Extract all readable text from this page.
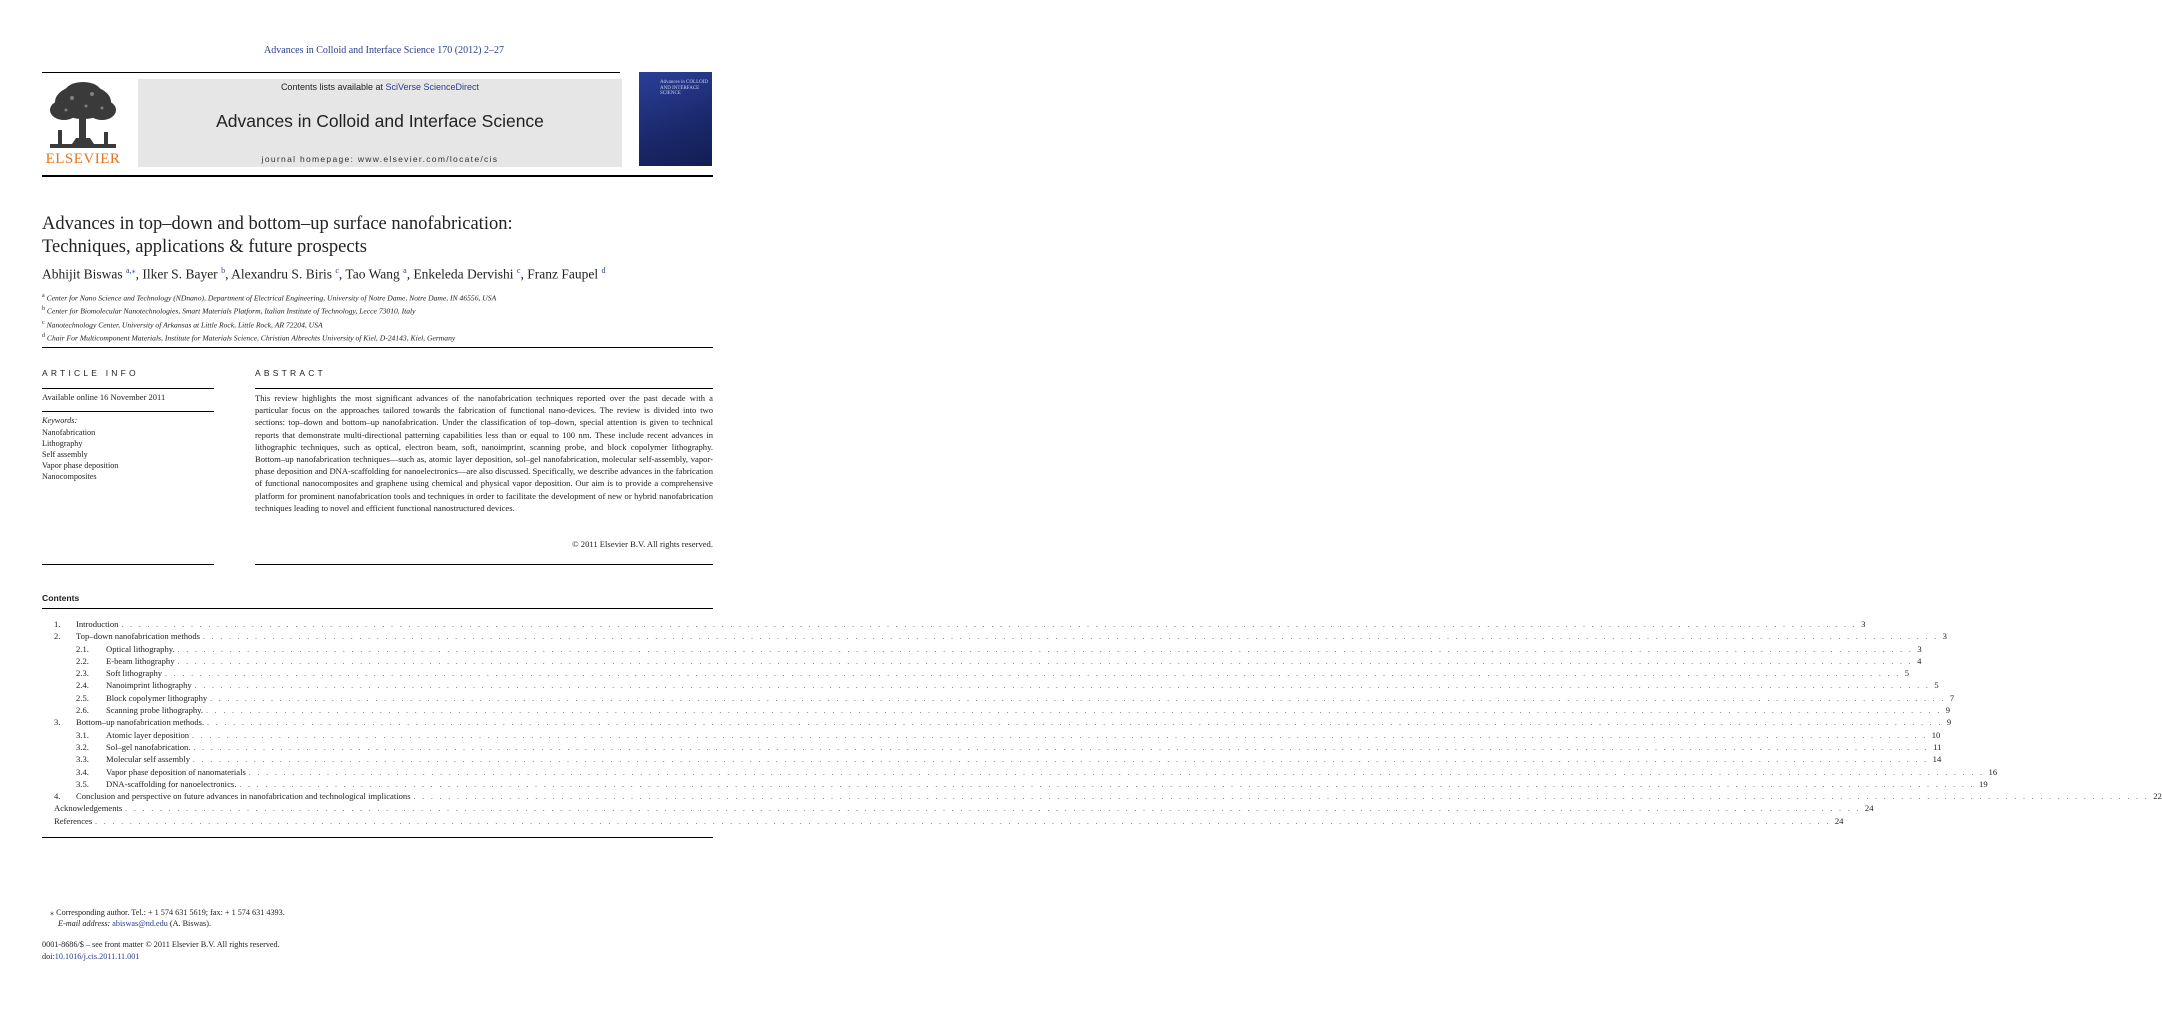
Advances in Colloid and Interface Science 170 (2012) 2–27
ELSEVIER
Contents lists available at SciVerse ScienceDirect
Advances in Colloid and Interface Science
journal homepage: www.elsevier.com/locate/cis
Advances in COLLOID AND INTERFACE SCIENCE
Advances in top–down and bottom–up surface nanofabrication:
Techniques, applications & future prospects
Abhijit Biswas $^{a,⁎}$, Ilker S. Bayer $^b$, Alexandru S. Biris $^c$, Tao Wang $^a$, Enkeleda Dervishi $^c$, Franz Faupel $^d$
$^a$ Center for Nano Science and Technology (NDnano), Department of Electrical Engineering, University of Notre Dame, Notre Dame, IN 46556, USA
$^b$ Center for Biomolecular Nanotechnologies, Smart Materials Platform, Italian Institute of Technology, Lecce 73010, Italy
$^c$ Nanotechnology Center, University of Arkansas at Little Rock, Little Rock, AR 72204, USA
$^d$ Chair For Multicomponent Materials, Institute for Materials Science, Christian Albrechts University of Kiel, D-24143, Kiel, Germany
ARTICLE INFO
Available online 16 November 2011
Keywords:
Nanofabrication
Lithography
Self assembly
Vapor phase deposition
Nanocomposites
ABSTRACT
This review highlights the most significant advances of the nanofabrication techniques reported over the past decade with a particular focus on the approaches tailored towards the fabrication of functional nano-devices. The review is divided into two sections: top–down and bottom–up nanofabrication. Under the classification of top–down, special attention is given to technical reports that demonstrate multi-directional patterning capabilities less than or equal to 100 nm. These include recent advances in lithographic techniques, such as optical, electron beam, soft, nanoimprint, scanning probe, and block copolymer lithography. Bottom–up nanofabrication techniques—such as, atomic layer deposition, sol–gel nanofabrication, molecular self-assembly, vapor-phase deposition and DNA-scaffolding for nanoelectronics—are also discussed. Specifically, we describe advances in the fabrication of functional nanocomposites and graphene using chemical and physical vapor deposition. Our aim is to provide a comprehensive platform for prominent nanofabrication tools and techniques in order to facilitate the development of new or hybrid nanofabrication techniques leading to novel and efficient functional nanostructured devices.
© 2011 Elsevier B.V. All rights reserved.
Contents
1. Introduction . . . . . . . . . . . . . . . . . . . . . . . . . . . . . . . . . . . . . . . . . . . . . . . . . . . . . . . . . . . . . . . . . . . . . . . . . . . . . . . . . . . . . . . . . . . . . . . . . . . . . . . . . . . . . . . . . . . . . . . . . . . . . . . . . . . . . . . . . . . . . . . . . . . . . . . . . . . . . . . . . . . . . . . . . . . . . . . . . . . . . . . . . . . . . . . . . . . . . . . . 3
2. Top–down nanofabrication methods . . . . . . . . . . . . . . . . . . . . . . . . . . . . . . . . . . . . . . . . . . . . . . . . . . . . . . . . . . . . . . . . . . . . . . . . . . . . . . . . . . . . . . . . . . . . . . . . . . . . . . . . . . . . . . . . . . . . . . . . . . . . . . . . . . . . . . . . . . . . . . . . . . . . . . . . . . . . . . . . . . . . . . . . . . . . . . . . . . . . . . . . . . . . . . . . . . . . . . . . 3
2.1. Optical lithography. . . . . . . . . . . . . . . . . . . . . . . . . . . . . . . . . . . . . . . . . . . . . . . . . . . . . . . . . . . . . . . . . . . . . . . . . . . . . . . . . . . . . . . . . . . . . . . . . . . . . . . . . . . . . . . . . . . . . . . . . . . . . . . . . . . . . . . . . . . . . . . . . . . . . . . . . . . . . . . . . . . . . . . . . . . . . . . . . . . . . . . . . . . . . . . . . . . . . . . . . 3
2.2. E-beam lithography . . . . . . . . . . . . . . . . . . . . . . . . . . . . . . . . . . . . . . . . . . . . . . . . . . . . . . . . . . . . . . . . . . . . . . . . . . . . . . . . . . . . . . . . . . . . . . . . . . . . . . . . . . . . . . . . . . . . . . . . . . . . . . . . . . . . . . . . . . . . . . . . . . . . . . . . . . . . . . . . . . . . . . . . . . . . . . . . . . . . . . . . . . . . . . . . . . . . . . . . 4
2.3. Soft lithography . . . . . . . . . . . . . . . . . . . . . . . . . . . . . . . . . . . . . . . . . . . . . . . . . . . . . . . . . . . . . . . . . . . . . . . . . . . . . . . . . . . . . . . . . . . . . . . . . . . . . . . . . . . . . . . . . . . . . . . . . . . . . . . . . . . . . . . . . . . . . . . . . . . . . . . . . . . . . . . . . . . . . . . . . . . . . . . . . . . . . . . . . . . . . . . . . . . . . . . . 5
2.4. Nanoimprint lithography . . . . . . . . . . . . . . . . . . . . . . . . . . . . . . . . . . . . . . . . . . . . . . . . . . . . . . . . . . . . . . . . . . . . . . . . . . . . . . . . . . . . . . . . . . . . . . . . . . . . . . . . . . . . . . . . . . . . . . . . . . . . . . . . . . . . . . . . . . . . . . . . . . . . . . . . . . . . . . . . . . . . . . . . . . . . . . . . . . . . . . . . . . . . . . . . . . . . . . . . 5
2.5. Block copolymer lithography . . . . . . . . . . . . . . . . . . . . . . . . . . . . . . . . . . . . . . . . . . . . . . . . . . . . . . . . . . . . . . . . . . . . . . . . . . . . . . . . . . . . . . . . . . . . . . . . . . . . . . . . . . . . . . . . . . . . . . . . . . . . . . . . . . . . . . . . . . . . . . . . . . . . . . . . . . . . . . . . . . . . . . . . . . . . . . . . . . . . . . . . . . . . . . . . . . . . . . . . 7
2.6. Scanning probe lithography. . . . . . . . . . . . . . . . . . . . . . . . . . . . . . . . . . . . . . . . . . . . . . . . . . . . . . . . . . . . . . . . . . . . . . . . . . . . . . . . . . . . . . . . . . . . . . . . . . . . . . . . . . . . . . . . . . . . . . . . . . . . . . . . . . . . . . . . . . . . . . . . . . . . . . . . . . . . . . . . . . . . . . . . . . . . . . . . . . . . . . . . . . . . . . . . . . . . . . . . . 9
3. Bottom–up nanofabrication methods. . . . . . . . . . . . . . . . . . . . . . . . . . . . . . . . . . . . . . . . . . . . . . . . . . . . . . . . . . . . . . . . . . . . . . . . . . . . . . . . . . . . . . . . . . . . . . . . . . . . . . . . . . . . . . . . . . . . . . . . . . . . . . . . . . . . . . . . . . . . . . . . . . . . . . . . . . . . . . . . . . . . . . . . . . . . . . . . . . . . . . . . . . . . . . . . . . . . . . . . . 9
3.1. Atomic layer deposition . . . . . . . . . . . . . . . . . . . . . . . . . . . . . . . . . . . . . . . . . . . . . . . . . . . . . . . . . . . . . . . . . . . . . . . . . . . . . . . . . . . . . . . . . . . . . . . . . . . . . . . . . . . . . . . . . . . . . . . . . . . . . . . . . . . . . . . . . . . . . . . . . . . . . . . . . . . . . . . . . . . . . . . . . . . . . . . . . . . . . . . . . . . . . . . . . . . . . . . . 10
3.2. Sol–gel nanofabrication. . . . . . . . . . . . . . . . . . . . . . . . . . . . . . . . . . . . . . . . . . . . . . . . . . . . . . . . . . . . . . . . . . . . . . . . . . . . . . . . . . . . . . . . . . . . . . . . . . . . . . . . . . . . . . . . . . . . . . . . . . . . . . . . . . . . . . . . . . . . . . . . . . . . . . . . . . . . . . . . . . . . . . . . . . . . . . . . . . . . . . . . . . . . . . . . . . . . . . . . . 11
3.3. Molecular self assembly . . . . . . . . . . . . . . . . . . . . . . . . . . . . . . . . . . . . . . . . . . . . . . . . . . . . . . . . . . . . . . . . . . . . . . . . . . . . . . . . . . . . . . . . . . . . . . . . . . . . . . . . . . . . . . . . . . . . . . . . . . . . . . . . . . . . . . . . . . . . . . . . . . . . . . . . . . . . . . . . . . . . . . . . . . . . . . . . . . . . . . . . . . . . . . . . . . . . . . . . 14
3.4. Vapor phase deposition of nanomaterials . . . . . . . . . . . . . . . . . . . . . . . . . . . . . . . . . . . . . . . . . . . . . . . . . . . . . . . . . . . . . . . . . . . . . . . . . . . . . . . . . . . . . . . . . . . . . . . . . . . . . . . . . . . . . . . . . . . . . . . . . . . . . . . . . . . . . . . . . . . . . . . . . . . . . . . . . . . . . . . . . . . . . . . . . . . . . . . . . . . . . . . . . . . . . . . . . . . . . . . . 16
3.5. DNA-scaffolding for nanoelectronics. . . . . . . . . . . . . . . . . . . . . . . . . . . . . . . . . . . . . . . . . . . . . . . . . . . . . . . . . . . . . . . . . . . . . . . . . . . . . . . . . . . . . . . . . . . . . . . . . . . . . . . . . . . . . . . . . . . . . . . . . . . . . . . . . . . . . . . . . . . . . . . . . . . . . . . . . . . . . . . . . . . . . . . . . . . . . . . . . . . . . . . . . . . . . . . . . . . . . . . . . 19
4. Conclusion and perspective on future advances in nanofabrication and technological implications . . . . . . . . . . . . . . . . . . . . . . . . . . . . . . . . . . . . . . . . . . . . . . . . . . . . . . . . . . . . . . . . . . . . . . . . . . . . . . . . . . . . . . . . . . . . . . . . . . . . . . . . . . . . . . . . . . . . . . . . . . . . . . . . . . . . . . . . . . . . . . . . . . . . . . . . . . . . . . . . . . . . . . . . . . . . . . . . . . . . . . . . . . . . . . . . . . . . . . . . 22
Acknowledgements . . . . . . . . . . . . . . . . . . . . . . . . . . . . . . . . . . . . . . . . . . . . . . . . . . . . . . . . . . . . . . . . . . . . . . . . . . . . . . . . . . . . . . . . . . . . . . . . . . . . . . . . . . . . . . . . . . . . . . . . . . . . . . . . . . . . . . . . . . . . . . . . . . . . . . . . . . . . . . . . . . . . . . . . . . . . . . . . . . . . . . . . . . . . . . . . . . . . . . . . 24
References . . . . . . . . . . . . . . . . . . . . . . . . . . . . . . . . . . . . . . . . . . . . . . . . . . . . . . . . . . . . . . . . . . . . . . . . . . . . . . . . . . . . . . . . . . . . . . . . . . . . . . . . . . . . . . . . . . . . . . . . . . . . . . . . . . . . . . . . . . . . . . . . . . . . . . . . . . . . . . . . . . . . . . . . . . . . . . . . . . . . . . . . . . . . . . . . . . . . . . . . 24
⁎ Corresponding author. Tel.: + 1 574 631 5619; fax: + 1 574 631 4393.
E-mail address: abiswas@nd.edu (A. Biswas).
0001-8686/$ – see front matter © 2011 Elsevier B.V. All rights reserved.
doi:10.1016/j.cis.2011.11.001
